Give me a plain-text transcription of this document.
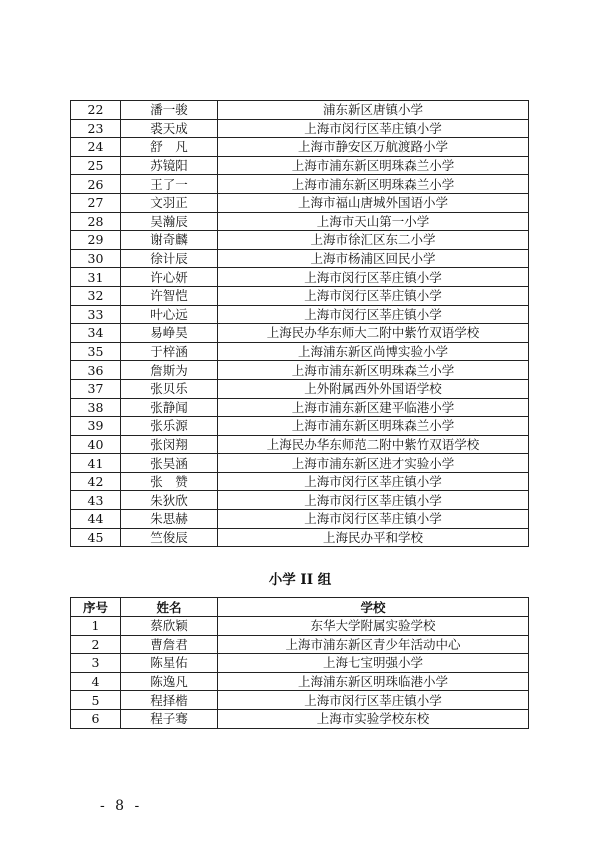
22	潘一骏	浦东新区唐镇小学
23	裘天成	上海市闵行区莘庄镇小学
24	舒　凡	上海市静安区万航渡路小学
25	苏镜阳	上海市浦东新区明珠森兰小学
26	王了一	上海市浦东新区明珠森兰小学
27	文羽正	上海市福山唐城外国语小学
28	吴瀚辰	上海市天山第一小学
29	谢奇麟	上海市徐汇区东二小学
30	徐计辰	上海市杨浦区回民小学
31	许心妍	上海市闵行区莘庄镇小学
32	许智恺	上海市闵行区莘庄镇小学
33	叶心远	上海市闵行区莘庄镇小学
34	易峥昊	上海民办华东师大二附中紫竹双语学校
35	于梓涵	上海浦东新区尚博实验小学
36	詹斯为	上海市浦东新区明珠森兰小学
37	张贝乐	上外附属西外外国语学校
38	张静闻	上海市浦东新区建平临港小学
39	张乐源	上海市浦东新区明珠森兰小学
40	张闵翔	上海民办华东师范二附中紫竹双语学校
41	张昊涵	上海市浦东新区进才实验小学
42	张　赞	上海市闵行区莘庄镇小学
43	朱狄欣	上海市闵行区莘庄镇小学
44	朱思赫	上海市闵行区莘庄镇小学
45	竺俊辰	上海民办平和学校
小学 II 组
序号	姓名	学校
1	蔡欣颖	东华大学附属实验学校
2	曹詹君	上海市浦东新区青少年活动中心
3	陈星佑	上海七宝明强小学
4	陈逸凡	上海浦东新区明珠临港小学
5	程择楷	上海市闵行区莘庄镇小学
6	程子骞	上海市实验学校东校
- 8 -
